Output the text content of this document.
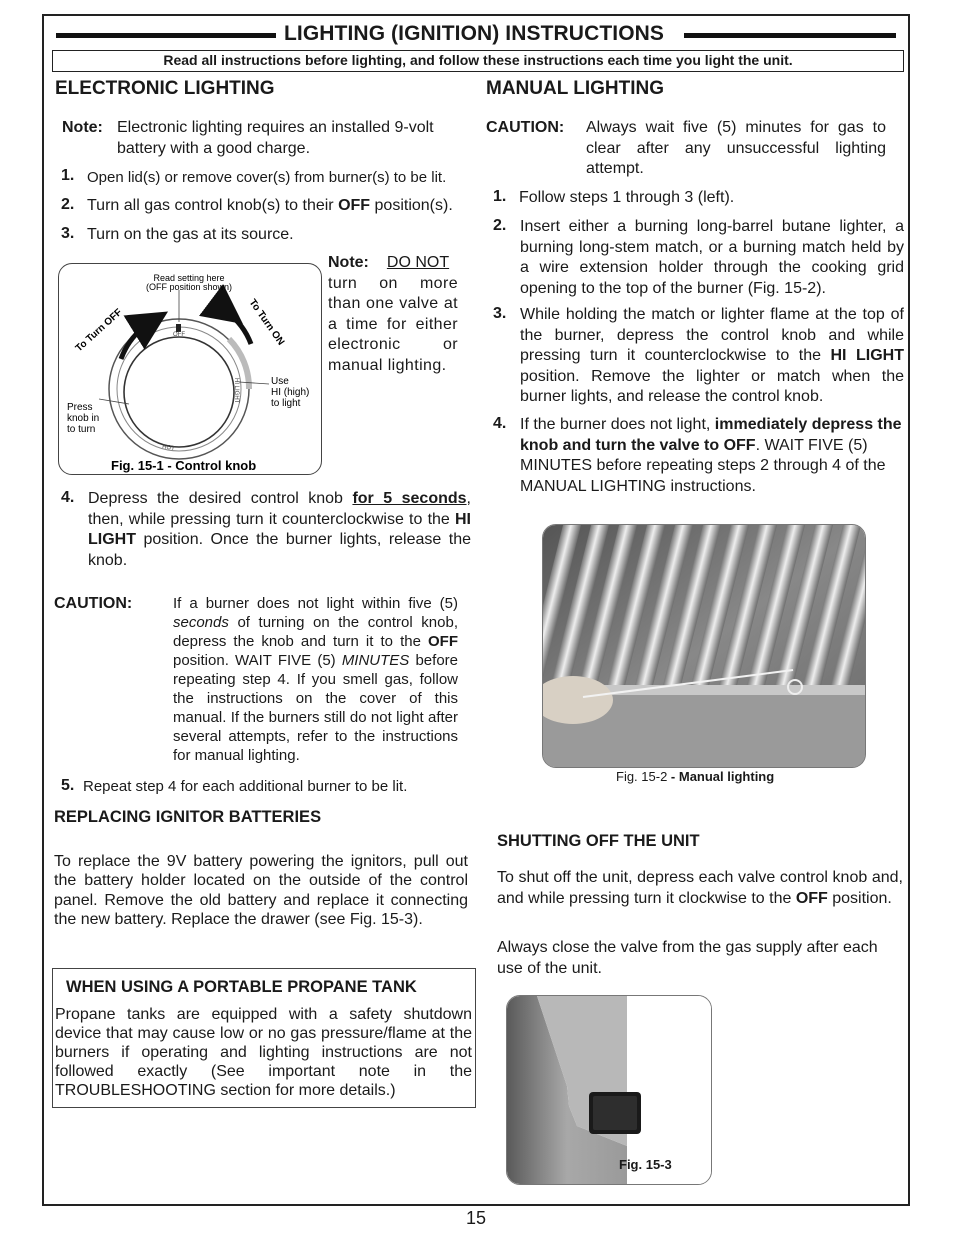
LIGHTING (IGNITION) INSTRUCTIONS
Read all instructions before lighting, and follow these instructions each time you light the unit.
ELECTRONIC LIGHTING
Note: Electronic lighting requires an installed 9-volt battery with a good charge.
1. Open lid(s) or remove cover(s) from burner(s) to be lit.
2. Turn all gas control knob(s) to their OFF position(s).
3. Turn on the gas at its source.
Read setting here
(OFF position shown)
To Turn OFF	To Turn ON
OFF
HI LIGHT
HOT
Use
HI (high)
to light
Press
knob in
to turn
Fig. 15-1 - Control knob
Note: DO NOT
turn on more than one valve at a time for either electronic or manual lighting.
4. Depress the desired control knob for 5 seconds, then, while pressing turn it counterclockwise to the HI LIGHT position. Once the burner lights, release the knob.
CAUTION:	If a burner does not light within five (5) seconds of turning on the control knob, depress the knob and turn it to the OFF position. WAIT FIVE (5) MINUTES before repeating step 4. If you smell gas, follow the instructions on the cover of this manual. If the burners still do not light after several attempts, refer to the instructions for manual lighting.
5. Repeat step 4 for each additional burner to be lit.
REPLACING IGNITOR BATTERIES
To replace the 9V battery powering the ignitors, pull out the battery holder located on the outside of the control panel. Remove the old battery and replace it connecting the new battery. Replace the drawer (see Fig. 15-3).
WHEN USING A PORTABLE PROPANE TANK
Propane tanks are equipped with a safety shutdown device that may cause low or no gas pressure/flame at the burners if operating and lighting instructions are not followed exactly (See important note in the TROUBLESHOOTING section for more details.)
MANUAL LIGHTING
CAUTION: Always wait five (5) minutes for gas to clear after any unsuccessful lighting attempt.
1. Follow steps 1 through 3 (left).
2. Insert either a burning long-barrel butane lighter, a burning long-stem match, or a burning match held by a wire extension holder through the cooking grid opening to the top of the burner (Fig. 15-2).
3. While holding the match or lighter flame at the top of the burner, depress the control knob and while pressing turn it counterclockwise to the HI LIGHT position. Remove the lighter or match when the burner lights, and release the control knob.
4. If the burner does not light, immediately depress the knob and turn the valve to OFF. WAIT FIVE (5) MINUTES before repeating steps 2 through 4 of the MANUAL LIGHTING instructions.
Fig. 15-2 - Manual lighting
SHUTTING OFF THE UNIT
To shut off the unit, depress each valve control knob and, and while pressing turn it clockwise to the OFF position.
Always close the valve from the gas supply after each use of the unit.
Fig. 15-3
15
